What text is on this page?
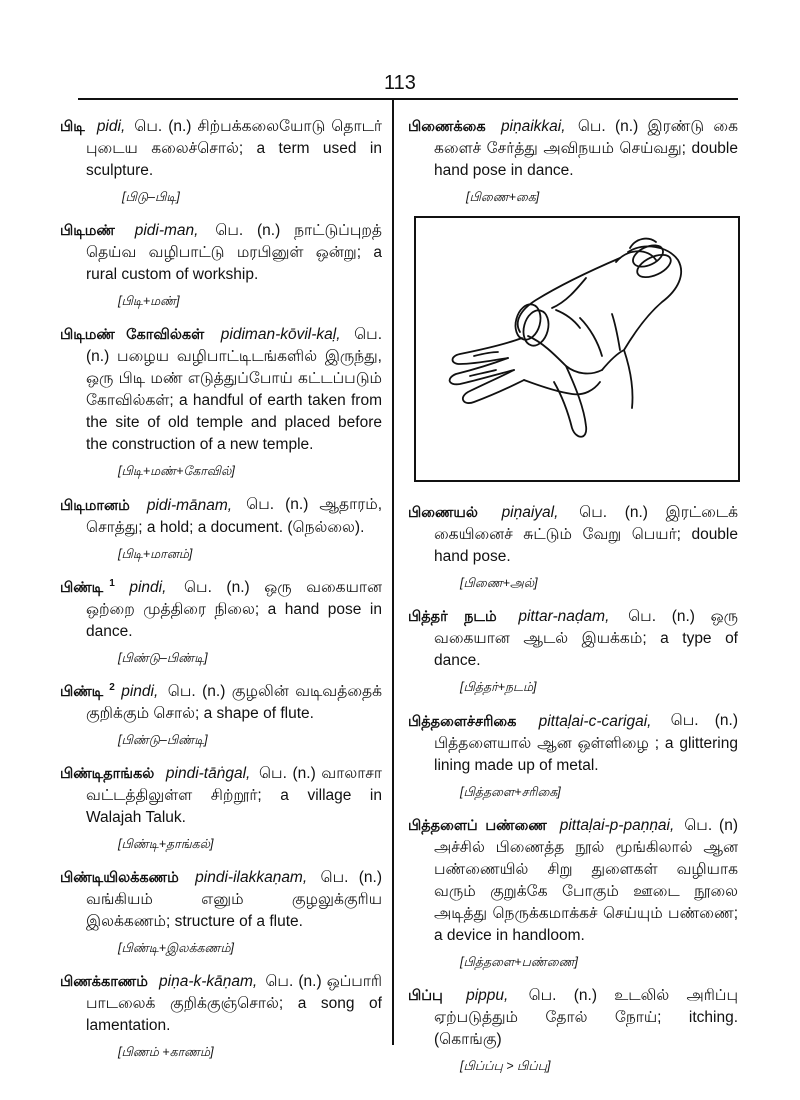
113
பிடி pidi, பெ. (n.) சிற்பக்கலையோடு தொடர் புடைய கலைச்சொல்; a term used in sculpture.
[பிடு–பிடி]
பிடிமண் pidi-man, பெ. (n.) நாட்டுப்புறத் தெய்வ வழிபாட்டு மரபினுள் ஒன்று; a rural custom of workship.
[பிடி+மண்]
பிடிமண் கோவில்கள் pidiman-kōvil-kaḷ, பெ. (n.) பழைய வழிபாட்டிடங்களில் இருந்து, ஒரு பிடி மண் எடுத்துப்போய் கட்டப்படும் கோவில்கள்; a handful of earth taken from the site of old temple and placed before the construction of a new temple.
[பிடி+மண்+கோவில்]
பிடிமானம் pidi-mānam, பெ. (n.) ஆதாரம், சொத்து; a hold; a document. (நெல்லை).
[பிடி+மானம்]
பிண்டி $^1$ pindi, பெ. (n.) ஒரு வகையான ஒற்றை முத்திரை நிலை; a hand pose in dance.
[பிண்டு–பிண்டி]
பிண்டி $^2$ pindi, பெ. (n.) குழலின் வடிவத்தைக் குறிக்கும் சொல்; a shape of flute.
[பிண்டு–பிண்டி]
பிண்டிதாங்கல் pindi-tāṅgal, பெ. (n.) வாலாசா வட்டத்திலுள்ள சிற்றூர்; a village in Walajah Taluk.
[பிண்டி+தாங்கல்]
பிண்டியிலக்கணம் pindi-ilakkaṇam, பெ. (n.) வங்கியம் எனும் குழலுக்குரிய இலக்கணம்; structure of a flute.
[பிண்டி+இலக்கணம்]
பிணக்காணம் piṇa-k-kāṇam, பெ. (n.) ஒப்பாரி பாடலைக் குறிக்குஞ்சொல்; a song of lamentation.
[பிணம் +காணம்]
பிணைக்கை piṇaikkai, பெ. (n.) இரண்டு கை களைச் சேர்த்து அவிநயம் செய்வது; double hand pose in dance.
[பிணை+கை]
பிணையல் piṇaiyal, பெ. (n.) இரட்டைக் கையினைச் சுட்டும் வேறு பெயர்; double hand pose.
[பிணை+அல்]
பித்தர் நடம் pittar-naḍam, பெ. (n.) ஒரு வகையான ஆடல் இயக்கம்; a type of dance.
[பித்தர்+நடம்]
பித்தளைச்சரிகை pittaḷai-c-carigai, பெ. (n.) பித்தளையால் ஆன ஒள்ளிழை ; a glittering lining made up of metal.
[பித்தளை+சரிகை]
பித்தளைப் பண்ணை pittaḷai-p-paṇṇai, பெ. (n) அச்சில் பிணைத்த நூல் மூங்கிலால் ஆன பண்ணையில் சிறு துளைகள் வழியாக வரும் குறுக்கே போகும் ஊடை நூலை அடித்து நெருக்கமாக்கச் செய்யும் பண்ணை; a device in handloom.
[பித்தளை+பண்ணை]
பிப்பு pippu, பெ. (n.) உடலில் அரிப்பு ஏற்படுத்தும் தோல் நோய்; itching. (கொங்கு)
[பிப்ப்பு > பிப்பு]
